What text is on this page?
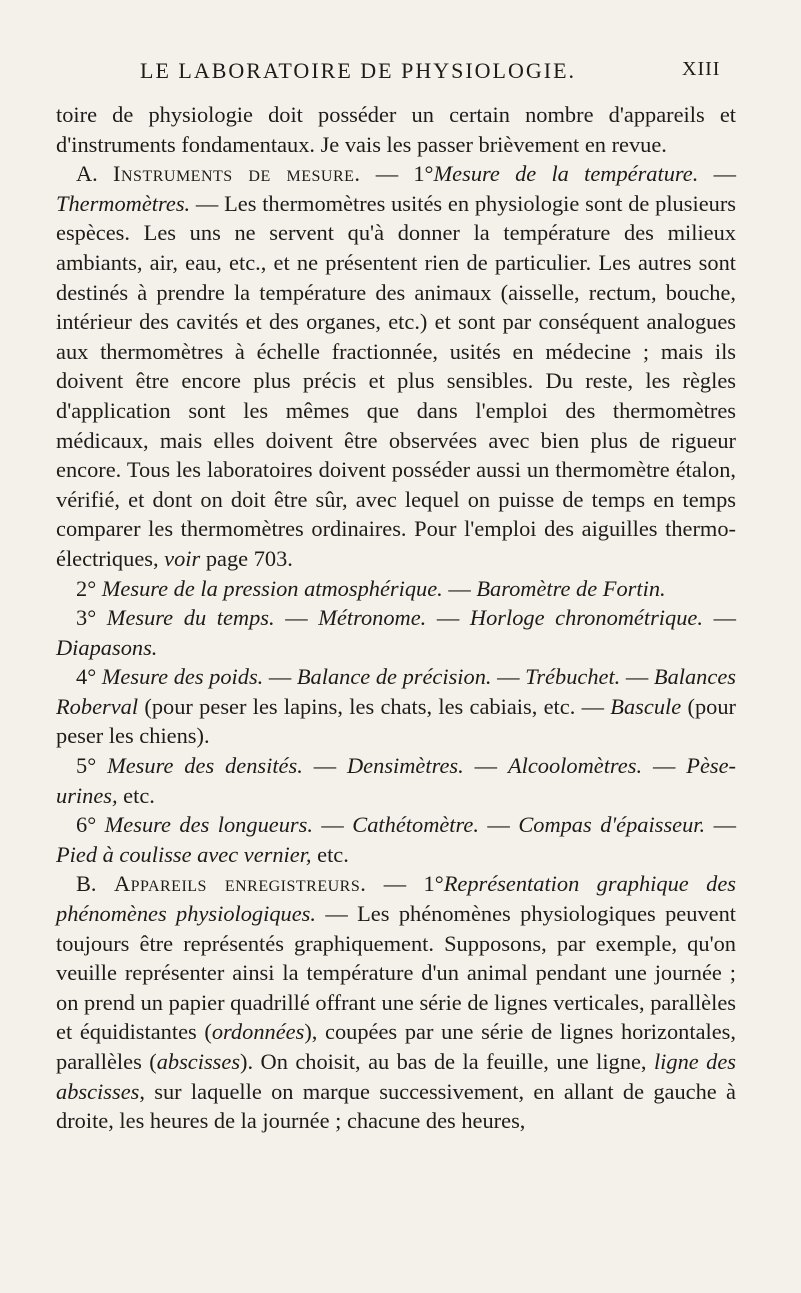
LE LABORATOIRE DE PHYSIOLOGIE.	XIII

toire de physiologie doit posséder un certain nombre d'appareils et d'instruments fondamentaux. Je vais les passer brièvement en revue.

A. Instruments de mesure. — 1°Mesure de la température. — Thermomètres. — Les thermomètres usités en physiologie sont de plusieurs espèces. Les uns ne servent qu'à donner la température des milieux ambiants, air, eau, etc., et ne présentent rien de particulier. Les autres sont destinés à prendre la température des animaux (aisselle, rectum, bouche, intérieur des cavités et des organes, etc.) et sont par conséquent analogues aux thermomètres à échelle fractionnée, usités en médecine ; mais ils doivent être encore plus précis et plus sensibles. Du reste, les règles d'application sont les mêmes que dans l'emploi des thermomètres médicaux, mais elles doivent être observées avec bien plus de rigueur encore. Tous les laboratoires doivent posséder aussi un thermomètre étalon, vérifié, et dont on doit être sûr, avec lequel on puisse de temps en temps comparer les thermomètres ordinaires. Pour l'emploi des aiguilles thermo-électriques, voir page 703.

2° Mesure de la pression atmosphérique. — Baromètre de Fortin.

3° Mesure du temps. — Métronome. — Horloge chronométrique. — Diapasons.

4° Mesure des poids. — Balance de précision. — Trébuchet. — Balances Roberval (pour peser les lapins, les chats, les cabiais, etc. — Bascule (pour peser les chiens).

5° Mesure des densités. — Densimètres. — Alcoolomètres. — Pèse-urines, etc.

6° Mesure des longueurs. — Cathétomètre. — Compas d'épaisseur. — Pied à coulisse avec vernier, etc.

B. Appareils enregistreurs. — 1°Représentation graphique des phénomènes physiologiques. — Les phénomènes physiologiques peuvent toujours être représentés graphiquement. Supposons, par exemple, qu'on veuille représenter ainsi la température d'un animal pendant une journée ; on prend un papier quadrillé offrant une série de lignes verticales, parallèles et équidistantes (ordonnées), coupées par une série de lignes horizontales, parallèles (abscisses). On choisit, au bas de la feuille, une ligne, ligne des abscisses, sur laquelle on marque successivement, en allant de gauche à droite, les heures de la journée ; chacune des heures,
